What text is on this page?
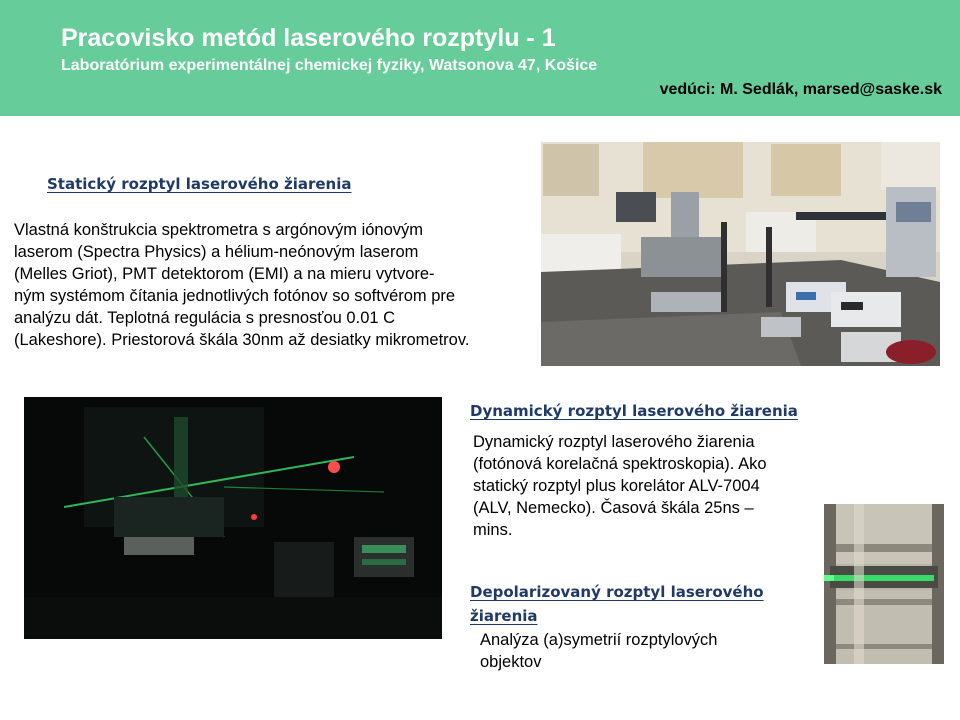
Pracovisko metód laserového rozptylu - 1
Laboratórium experimentálnej chemickej fyziky, Watsonova 47, Košice
vedúci: M. Sedlák, marsed@saske.sk
Statický rozptyl laserového žiarenia
Vlastná konštrukcia spektrometra s argónovým iónovým
laserom (Spectra Physics) a hélium-neónovým laserom
(Melles Griot), PMT detektorom (EMI) a na mieru vytvore-
ným systémom čítania jednotlivých fotónov so softvérom pre
analýzu dát. Teplotná regulácia s presnosťou 0.01 C
(Lakeshore). Priestorová škála 30nm až desiatky mikrometrov.
Dynamický rozptyl laserového žiarenia
Dynamický rozptyl laserového žiarenia
(fotónová korelačná spektroskopia). Ako
statický rozptyl plus korelátor ALV-7004
(ALV, Nemecko). Časová škála 25ns –
mins.
Depolarizovaný rozptyl laserového
žiarenia
Analýza (a)symetrií rozptylových
objektov
